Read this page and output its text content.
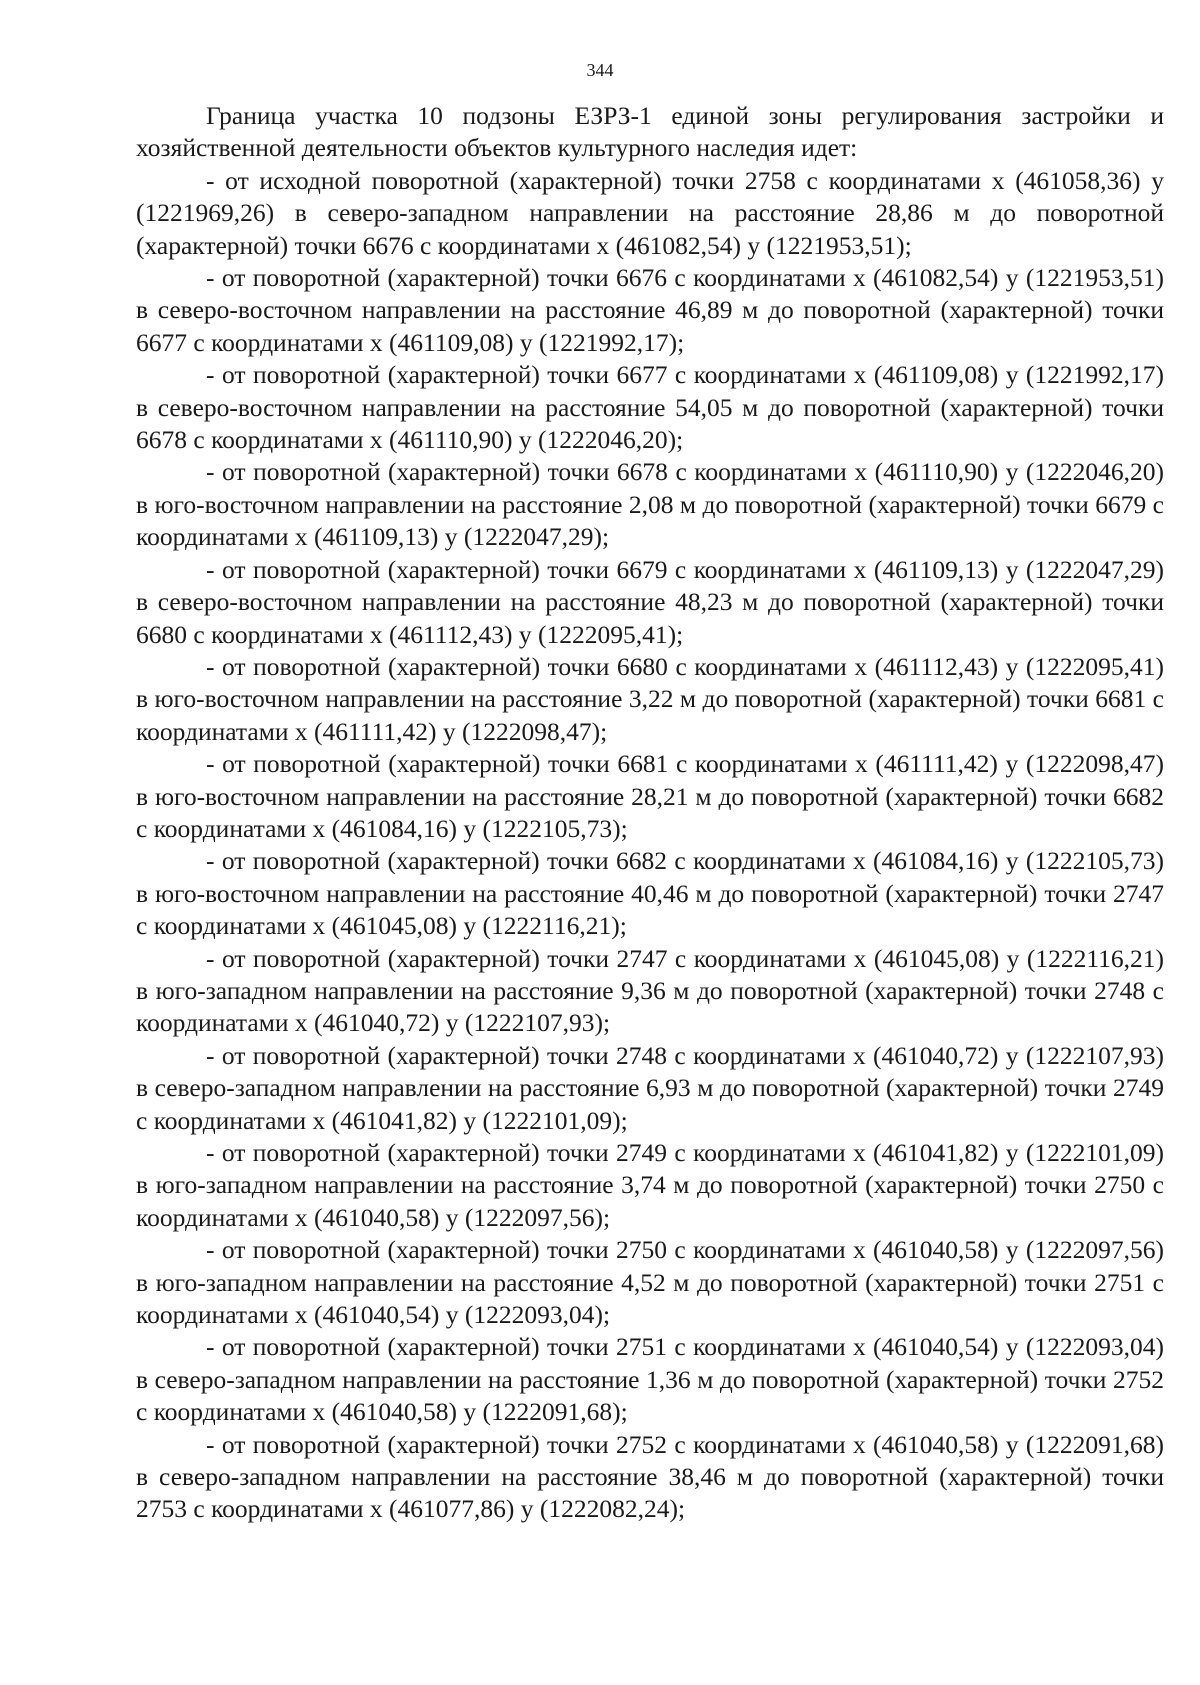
344

Граница участка 10 подзоны ЕЗРЗ-1 единой зоны регулирования застройки и хозяйственной деятельности объектов культурного наследия идет:

- от исходной поворотной (характерной) точки 2758 с координатами х (461058,36) у (1221969,26) в северо-западном направлении на расстояние 28,86 м до поворотной (характерной) точки 6676 с координатами х (461082,54) у (1221953,51);

- от поворотной (характерной) точки 6676 с координатами х (461082,54) у (1221953,51) в северо-восточном направлении на расстояние 46,89 м до поворотной (характерной) точки 6677 с координатами х (461109,08) у (1221992,17);

- от поворотной (характерной) точки 6677 с координатами х (461109,08) у (1221992,17) в северо-восточном направлении на расстояние 54,05 м до поворотной (характерной) точки 6678 с координатами х (461110,90) у (1222046,20);

- от поворотной (характерной) точки 6678 с координатами х (461110,90) у (1222046,20) в юго-восточном направлении на расстояние 2,08 м до поворотной (характерной) точки 6679 с координатами х (461109,13) у (1222047,29);

- от поворотной (характерной) точки 6679 с координатами х (461109,13) у (1222047,29) в северо-восточном направлении на расстояние 48,23 м до поворотной (характерной) точки 6680 с координатами х (461112,43) у (1222095,41);

- от поворотной (характерной) точки 6680 с координатами х (461112,43) у (1222095,41) в юго-восточном направлении на расстояние 3,22 м до поворотной (характерной) точки 6681 с координатами х (461111,42) у (1222098,47);

- от поворотной (характерной) точки 6681 с координатами х (461111,42) у (1222098,47) в юго-восточном направлении на расстояние 28,21 м до поворотной (характерной) точки 6682 с координатами х (461084,16) у (1222105,73);

- от поворотной (характерной) точки 6682 с координатами х (461084,16) у (1222105,73) в юго-восточном направлении на расстояние 40,46 м до поворотной (характерной) точки 2747 с координатами х (461045,08) у (1222116,21);

- от поворотной (характерной) точки 2747 с координатами х (461045,08) у (1222116,21) в юго-западном направлении на расстояние 9,36 м до поворотной (характерной) точки 2748 с координатами х (461040,72) у (1222107,93);

- от поворотной (характерной) точки 2748 с координатами х (461040,72) у (1222107,93) в северо-западном направлении на расстояние 6,93 м до поворотной (характерной) точки 2749 с координатами х (461041,82) у (1222101,09);

- от поворотной (характерной) точки 2749 с координатами х (461041,82) у (1222101,09) в юго-западном направлении на расстояние 3,74 м до поворотной (характерной) точки 2750 с координатами х (461040,58) у (1222097,56);

- от поворотной (характерной) точки 2750 с координатами х (461040,58) у (1222097,56) в юго-западном направлении на расстояние 4,52 м до поворотной (характерной) точки 2751 с координатами х (461040,54) у (1222093,04);

- от поворотной (характерной) точки 2751 с координатами х (461040,54) у (1222093,04) в северо-западном направлении на расстояние 1,36 м до поворотной (характерной) точки 2752 с координатами х (461040,58) у (1222091,68);

- от поворотной (характерной) точки 2752 с координатами х (461040,58) у (1222091,68) в северо-западном направлении на расстояние 38,46 м до поворотной (характерной) точки 2753 с координатами х (461077,86) у (1222082,24);
